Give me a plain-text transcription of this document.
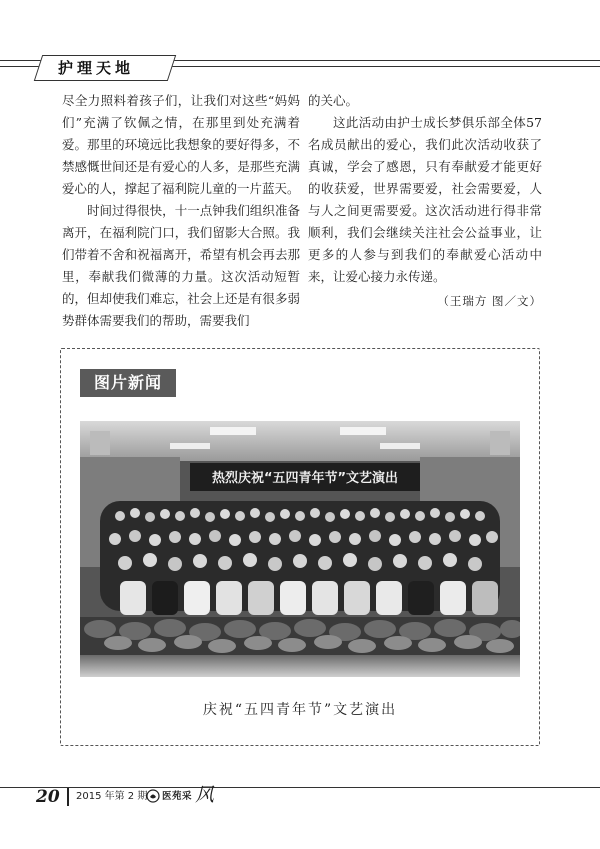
护理天地

尽全力照料着孩子们，让我们对这些“妈妈们”充满了钦佩之情，在那里到处充满着爱。那里的环境远比我想象的要好得多，不禁感慨世间还是有爱心的人多，是那些充满爱心的人，撑起了福利院儿童的一片蓝天。

时间过得很快，十一点钟我们组织准备离开，在福利院门口，我们留影大合照。我们带着不舍和祝福离开，希望有机会再去那里，奉献我们微薄的力量。这次活动短暂的，但却使我们难忘，社会上还是有很多弱势群体需要我们的帮助，需要我们

的关心。

这此活动由护士成长梦俱乐部全体57名成员献出的爱心，我们此次活动收获了真诚，学会了感恩，只有奉献爱才能更好的收获爱，世界需要爱，社会需要爱，人与人之间更需要爱。这次活动进行得非常顺利，我们会继续关注社会公益事业，让更多的人参与到我们的奉献爱心活动中来，让爱心接力永传递。

（王瑞方 图／文）

图片新闻
热烈庆祝“五四青年节”文艺演出
庆祝“五四青年节”文艺演出
20 2015 年第 2 期 医苑采 风
